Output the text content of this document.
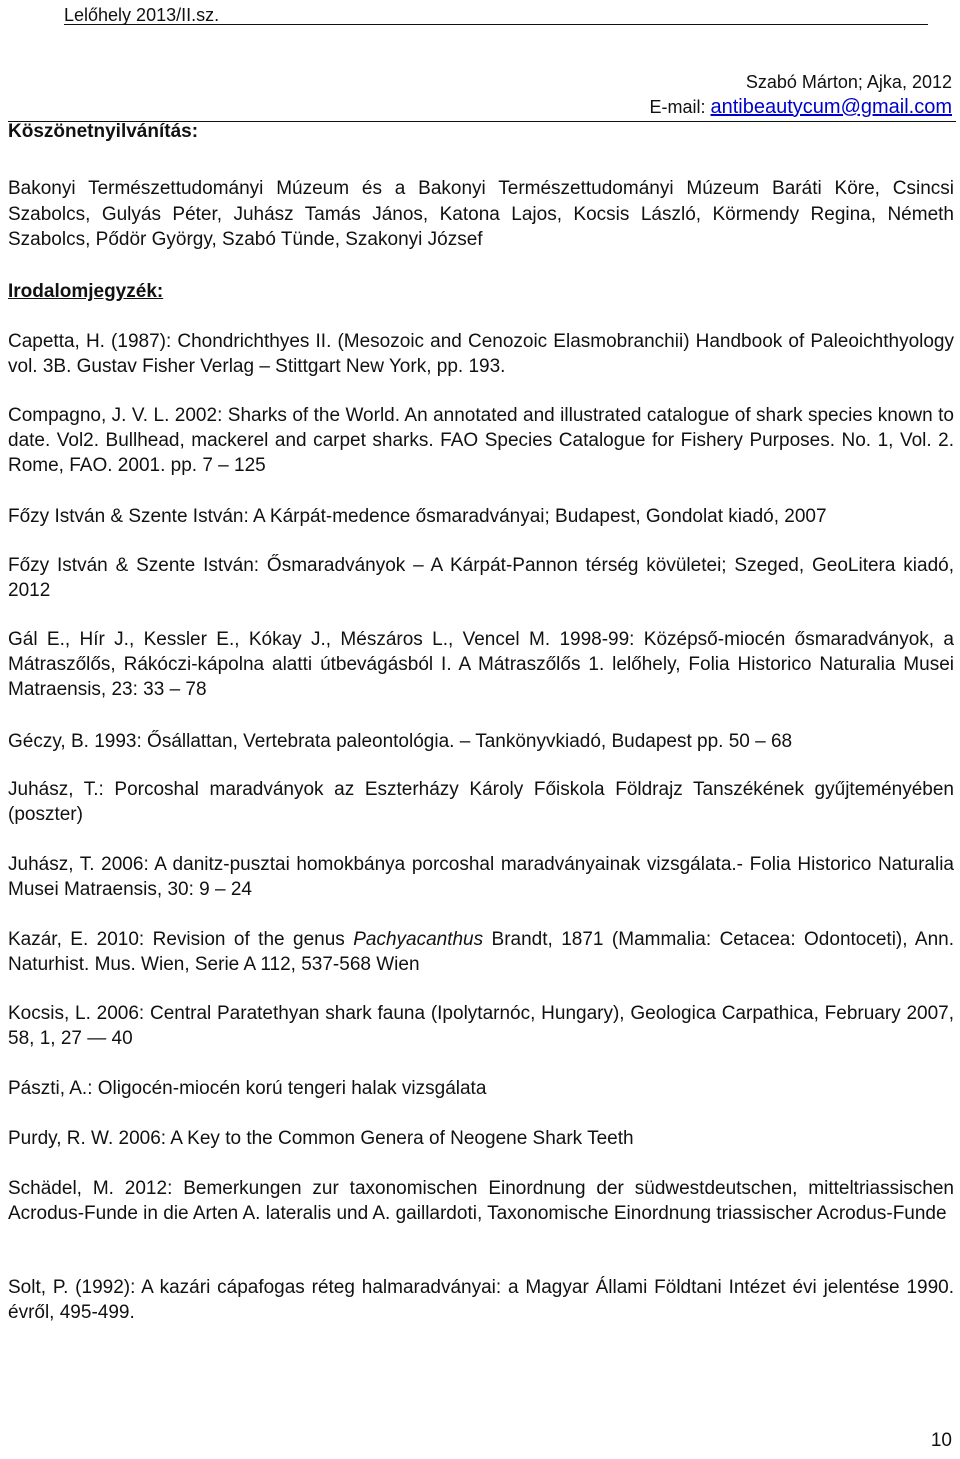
Lelőhely 2013/II.sz.
Szabó Márton; Ajka, 2012
E-mail: antibeautycum@gmail.com
Köszönetnyilvánítás:
Bakonyi Természettudományi Múzeum és a Bakonyi Természettudományi Múzeum Baráti Köre, Csincsi Szabolcs, Gulyás Péter, Juhász Tamás János, Katona Lajos, Kocsis László, Körmendy Regina, Németh Szabolcs, Pődör György, Szabó Tünde, Szakonyi József
Irodalomjegyzék:
Capetta, H. (1987): Chondrichthyes II. (Mesozoic and Cenozoic Elasmobranchii) Handbook of Paleoichthyology vol. 3B. Gustav Fisher Verlag – Stittgart New York, pp. 193.
Compagno, J. V. L. 2002: Sharks of the World. An annotated and illustrated catalogue of shark species known to date. Vol2. Bullhead, mackerel and carpet sharks. FAO Species Catalogue for Fishery Purposes. No. 1, Vol. 2. Rome, FAO. 2001. pp. 7 – 125
Főzy István & Szente István: A Kárpát-medence ősmaradványai; Budapest, Gondolat kiadó, 2007
Főzy István & Szente István: Ősmaradványok – A Kárpát-Pannon térség kövületei; Szeged, GeoLitera kiadó, 2012
Gál E., Hír J., Kessler E., Kókay J., Mészáros L., Vencel M. 1998-99: Középső-miocén ősmaradványok, a Mátraszőlős, Rákóczi-kápolna alatti útbevágásból I. A Mátraszőlős 1. lelőhely, Folia Historico Naturalia Musei Matraensis, 23: 33 – 78
Géczy, B. 1993: Ősállattan, Vertebrata paleontológia. – Tankönyvkiadó, Budapest pp. 50 – 68
Juhász, T.: Porcoshal maradványok az Eszterházy Károly Főiskola Földrajz Tanszékének gyűjteményében (poszter)
Juhász, T. 2006: A danitz-pusztai homokbánya porcoshal maradványainak vizsgálata.- Folia Historico Naturalia Musei Matraensis, 30: 9 – 24
Kazár, E. 2010: Revision of the genus Pachyacanthus Brandt, 1871 (Mammalia: Cetacea: Odontoceti), Ann. Naturhist. Mus. Wien, Serie A 112, 537-568 Wien
Kocsis, L. 2006: Central Paratethyan shark fauna (Ipolytarnóc, Hungary), Geologica Carpathica, February 2007, 58, 1, 27 — 40
Pászti, A.: Oligocén-miocén korú tengeri halak vizsgálata
Purdy, R. W. 2006: A Key to the Common Genera of Neogene Shark Teeth
Schädel, M. 2012: Bemerkungen zur taxonomischen Einordnung der südwestdeutschen, mitteltriassischen Acrodus-Funde in die Arten A. lateralis und A. gaillardoti, Taxonomische Einordnung triassischer Acrodus-Funde
Solt, P. (1992): A kazári cápafogas réteg halmaradványai: a Magyar Állami Földtani Intézet évi jelentése 1990. évről, 495-499.
10
